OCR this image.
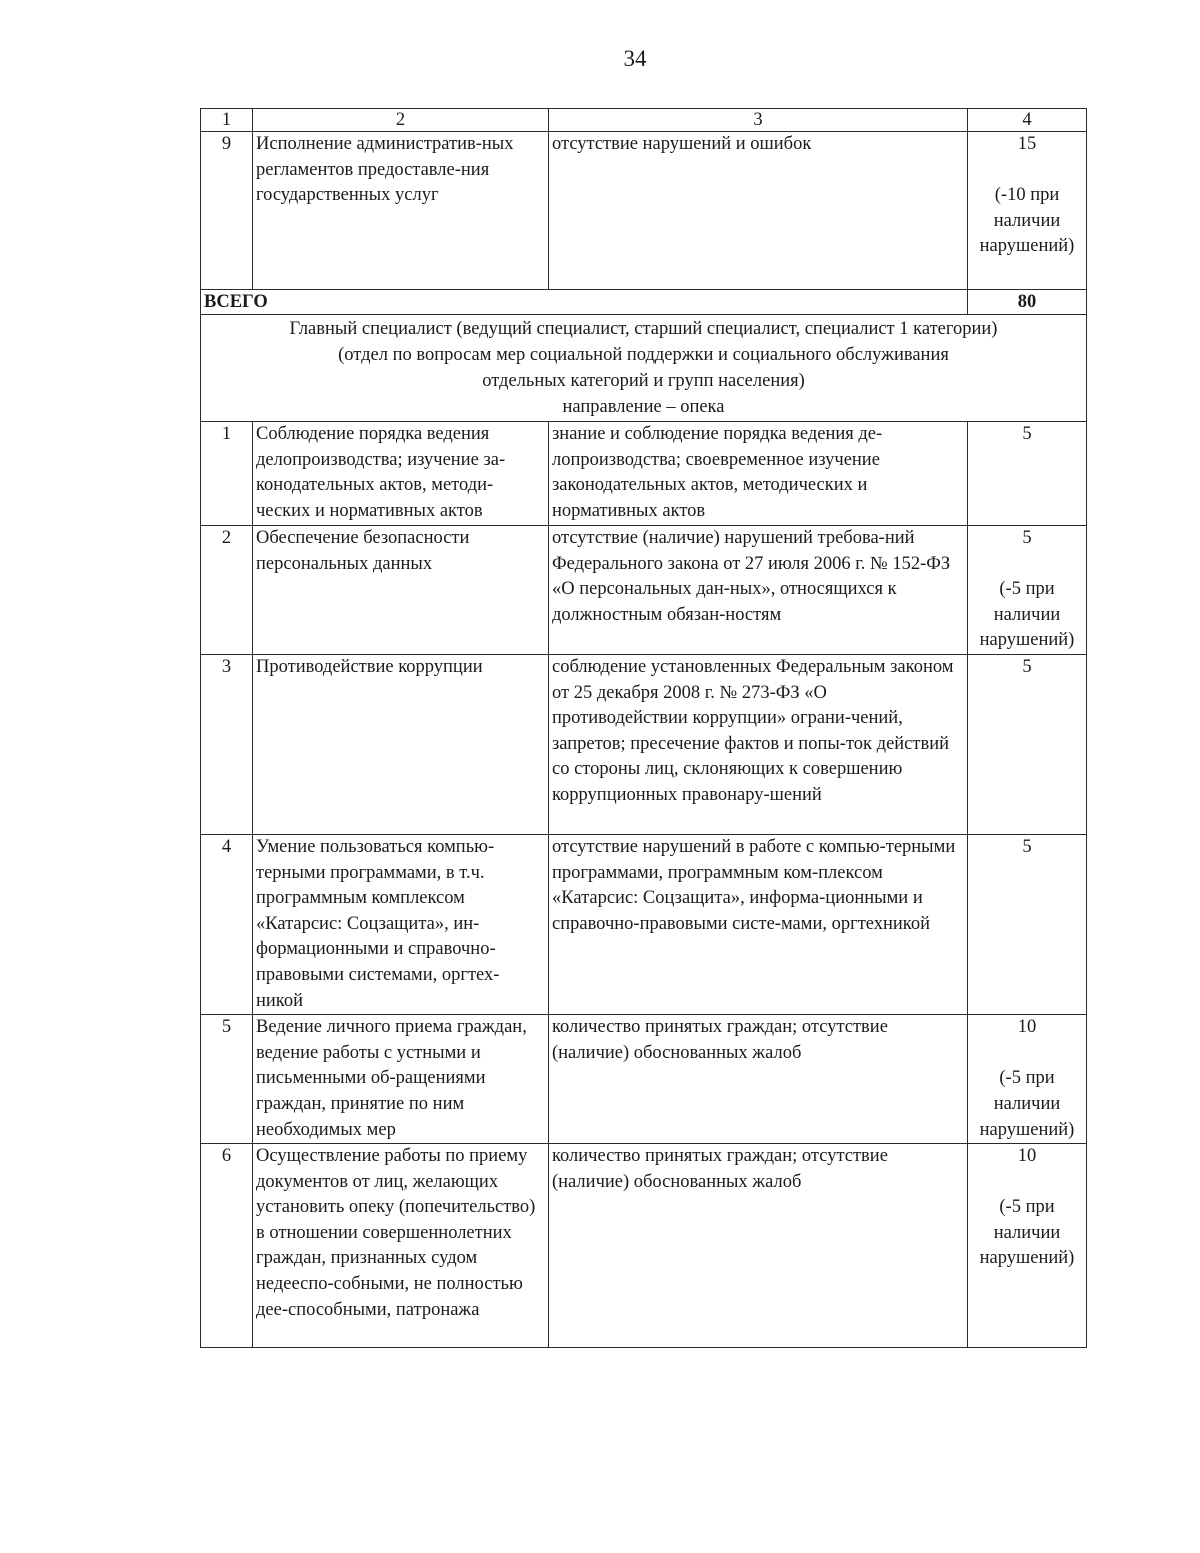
34
1	2	3	4
9	Исполнение административ-ных регламентов предоставле-ния государственных услуг	отсутствие нарушений и ошибок	15
(-10 при наличии нарушений)

ВСЕГО			80

Главный специалист (ведущий специалист, старший специалист, специалист 1 категории)
(отдел по вопросам мер социальной поддержки и социального обслуживания
отдельных категорий и групп населения)
направление – опека			

1	Соблюдение порядка ведения делопроизводства; изучение за-конодательных актов, методи-ческих и нормативных актов	знание и соблюдение порядка ведения де-лопроизводства; своевременное изучение законодательных актов, методических и нормативных актов	5

2	Обеспечение безопасности персональных данных	отсутствие (наличие) нарушений требова-ний Федерального закона от 27 июля 2006 г. № 152-ФЗ «О персональных дан-ных», относящихся к должностным обязан-ностям	5
(-5 при наличии нарушений)

3	Противодействие коррупции	соблюдение установленных Федеральным законом от 25 декабря 2008 г. № 273-ФЗ «О противодействии коррупции» ограни-чений, запретов; пресечение фактов и попы-ток действий со стороны лиц, склоняющих к совершению коррупционных правонару-шений	5

4	Умение пользоваться компью-терными программами, в т.ч. программным комплексом «Катарсис: Соцзащита», ин-формационными и справочно-правовыми системами, оргтех-никой	отсутствие нарушений в работе с компью-терными программами, программным ком-плексом «Катарсис: Соцзащита», информа-ционными и справочно-правовыми систе-мами, оргтехникой	5

5	Ведение личного приема граждан, ведение работы с устными и письменными об-ращениями граждан, принятие по ним необходимых мер	количество принятых граждан; отсутствие (наличие) обоснованных жалоб	10
(-5 при наличии нарушений)

6	Осуществление работы по приему документов от лиц, желающих установить опеку (попечительство) в отношении совершеннолетних граждан, признанных судом недееспо-собными, не полностью дее-способными, патронажа	количество принятых граждан; отсутствие (наличие) обоснованных жалоб	10
(-5 при наличии нарушений)
